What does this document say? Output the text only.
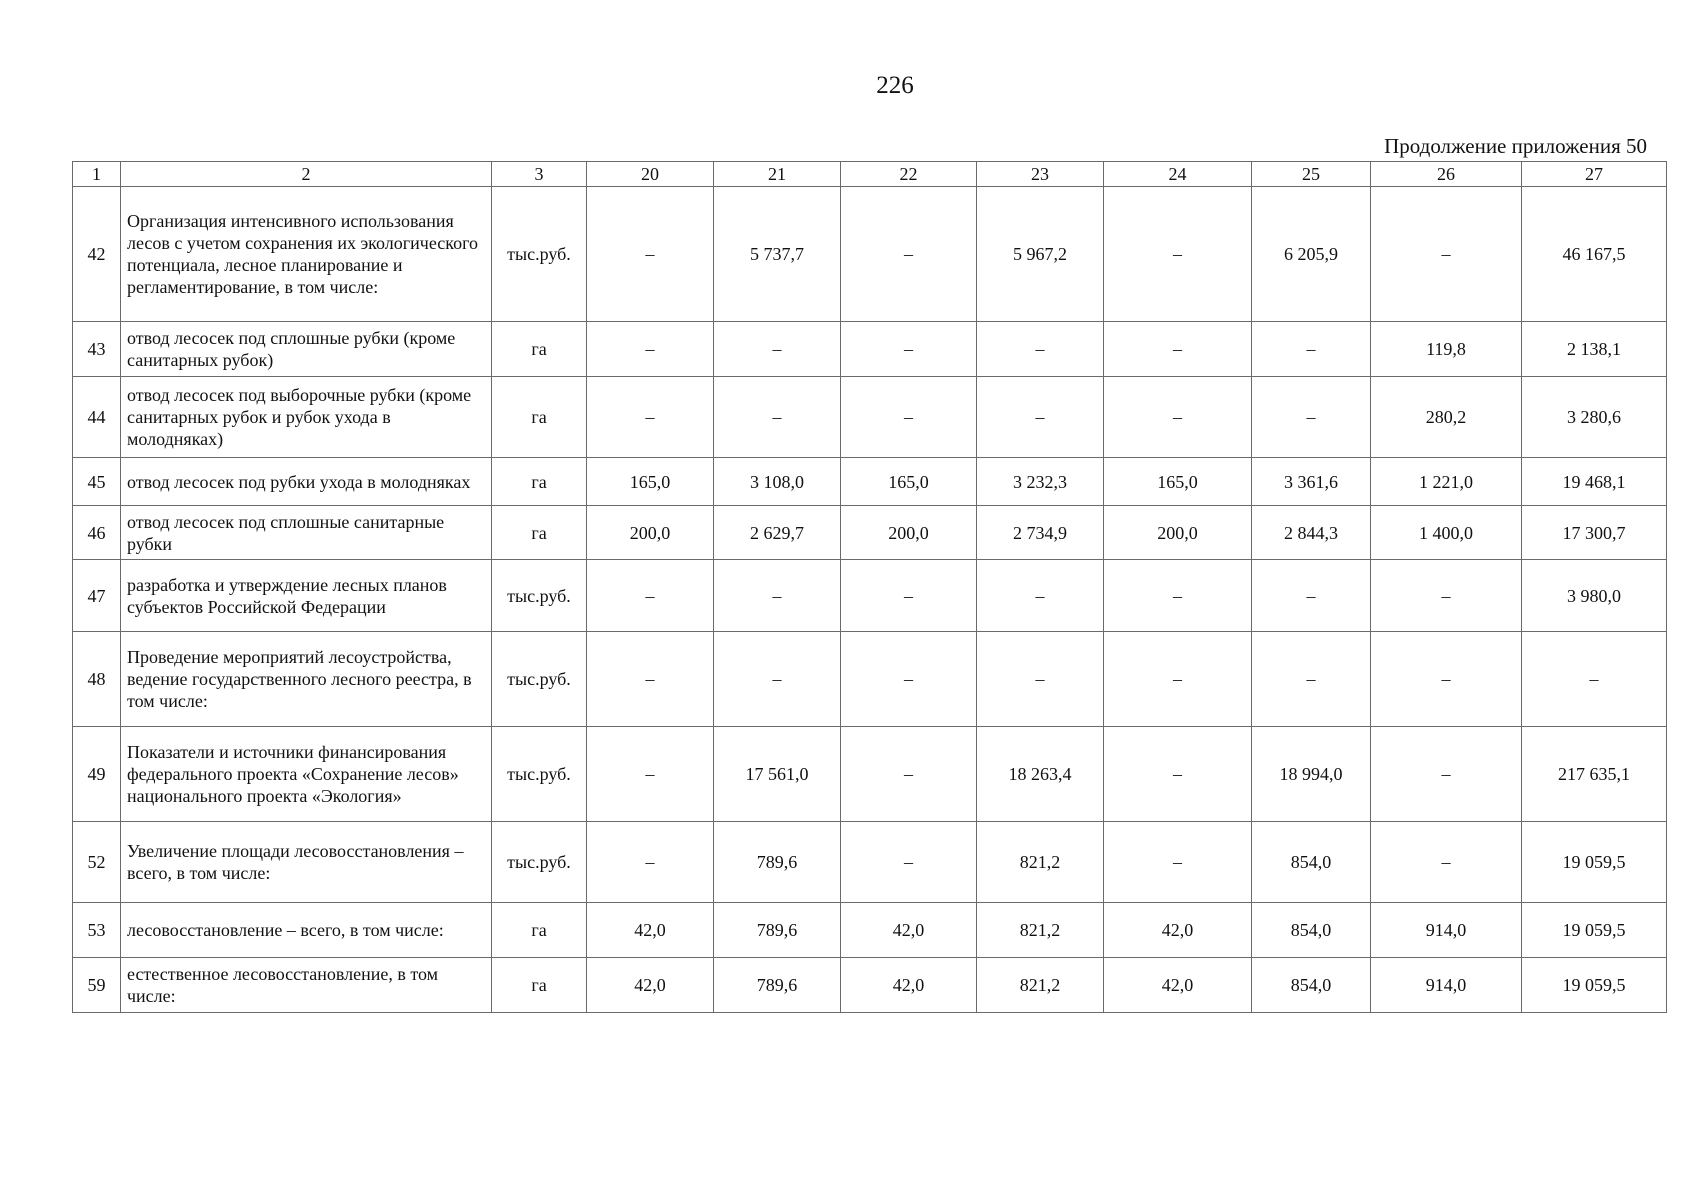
226
Продолжение приложения 50
1	2	3	20	21	22	23	24	25	26	27
42	Организация интенсивного использования лесов с учетом сохранения их экологического потенциала, лесное планирование и регламентирование, в том числе:	тыс.руб.	–	5 737,7	–	5 967,2	–	6 205,9	–	46 167,5
43	отвод лесосек под сплошные рубки (кроме санитарных рубок)	га	–	–	–	–	–	–	119,8	2 138,1
44	отвод лесосек под выборочные рубки (кроме санитарных рубок и рубок ухода в молодняках)	га	–	–	–	–	–	–	280,2	3 280,6
45	отвод лесосек под рубки ухода в молодняках	га	165,0	3 108,0	165,0	3 232,3	165,0	3 361,6	1 221,0	19 468,1
46	отвод лесосек под сплошные санитарные рубки	га	200,0	2 629,7	200,0	2 734,9	200,0	2 844,3	1 400,0	17 300,7
47	разработка и утверждение лесных планов субъектов Российской Федерации	тыс.руб.	–	–	–	–	–	–	–	3 980,0
48	Проведение мероприятий лесоустройства, ведение государственного лесного реестра, в том числе:	тыс.руб.	–	–	–	–	–	–	–	–
49	Показатели и источники финансирования федерального проекта «Сохранение лесов» национального проекта «Экология»	тыс.руб.	–	17 561,0	–	18 263,4	–	18 994,0	–	217 635,1
52	Увеличение площади лесовосстановления – всего, в том числе:	тыс.руб.	–	789,6	–	821,2	–	854,0	–	19 059,5
53	лесовосстановление – всего, в том числе:	га	42,0	789,6	42,0	821,2	42,0	854,0	914,0	19 059,5
59	естественное лесовосстановление, в том числе:	га	42,0	789,6	42,0	821,2	42,0	854,0	914,0	19 059,5
